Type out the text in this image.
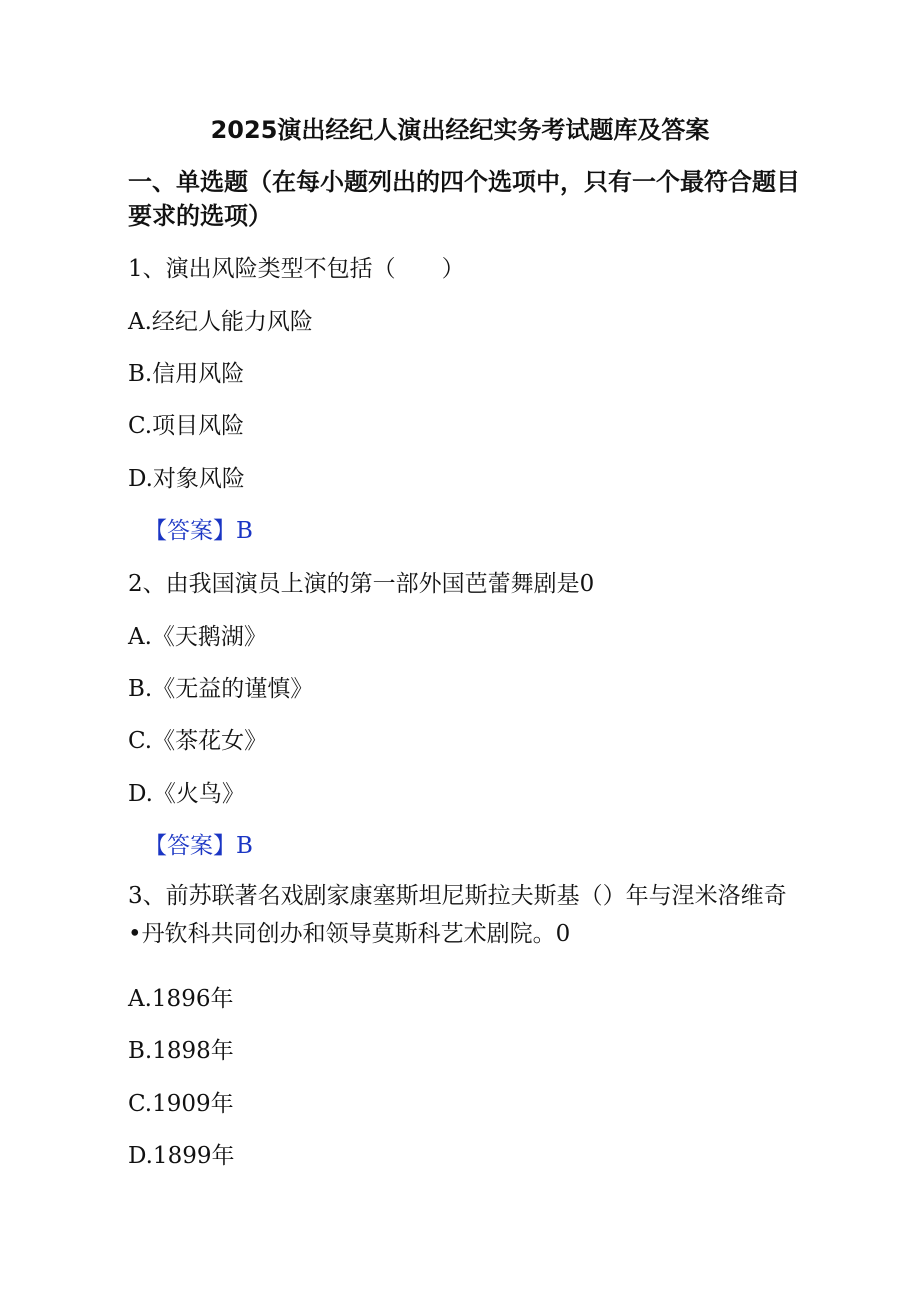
2025演出经纪人演出经纪实务考试题库及答案
一、单选题（在每小题列出的四个选项中，只有一个最符合题目要求的选项）
1、演出风险类型不包括（　　）
A.经纪人能力风险
B.信用风险
C.项目风险
D.对象风险
【答案】B
2、由我国演员上演的第一部外国芭蕾舞剧是0
A.《天鹅湖》
B.《无益的谨慎》
C.《茶花女》
D.《火鸟》
【答案】B
3、前苏联著名戏剧家康塞斯坦尼斯拉夫斯基（）年与涅米洛维奇•丹钦科共同创办和领导莫斯科艺术剧院。0
A.1896年
B.1898年
C.1909年
D.1899年
